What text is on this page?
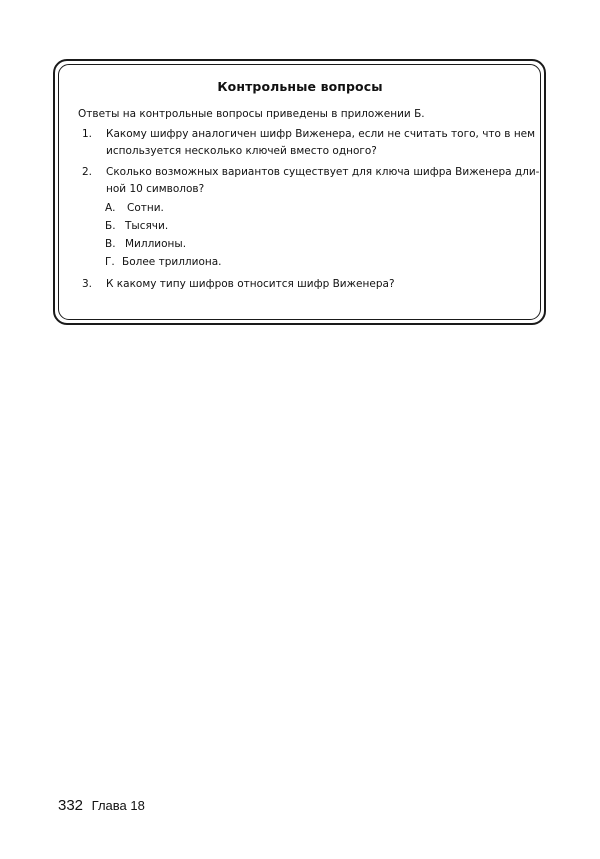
Контрольные вопросы
Ответы на контрольные вопросы приведены в приложении Б.
1. Какому шифру аналогичен шифр Виженера, если не считать того, что в нем
используется несколько ключей вместо одного?
2. Сколько возможных вариантов существует для ключа шифра Виженера дли-
ной 10 символов?
А. Сотни.
Б. Тысячи.
В. Миллионы.
Г. Более триллиона.
3. К какому типу шифров относится шифр Виженера?
332 Глава 18
